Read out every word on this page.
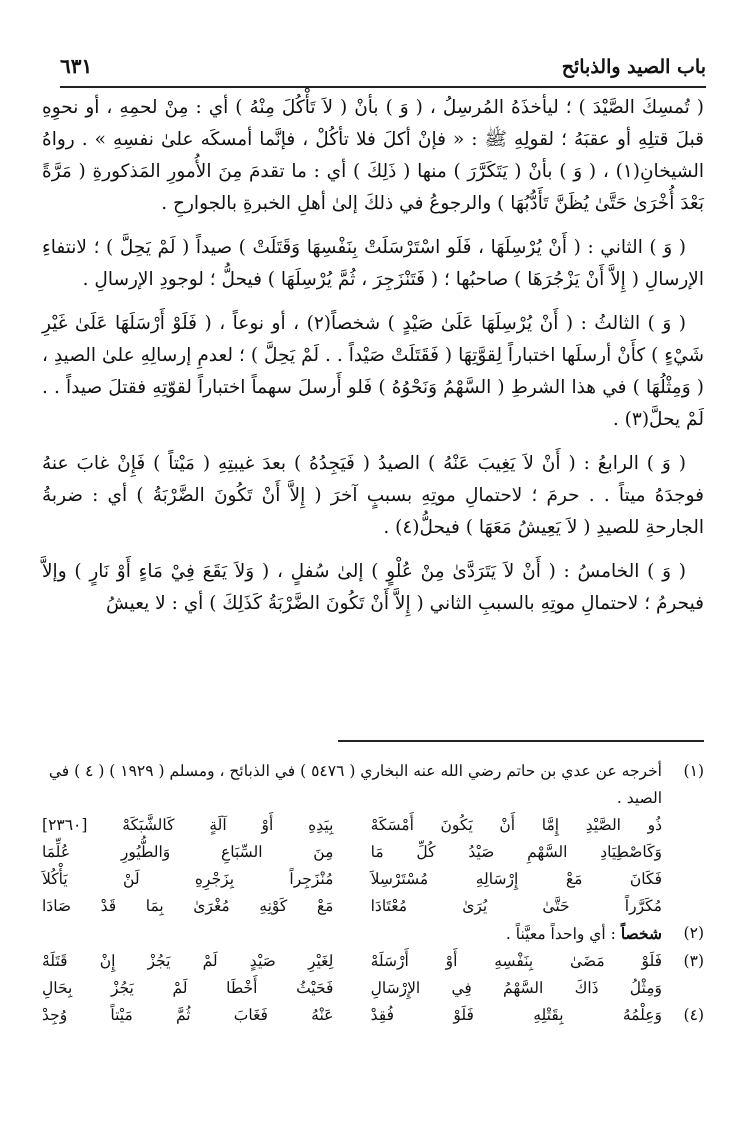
باب الصيد والذبائح
٦٣١

( تُمسِكَ الصَّيْدَ ) ؛ ليأخذَهُ المُرسِلُ ، ( وَ ) بأنْ ( لاَ تَأْكُلَ مِنْهُ ) أي : مِنْ لحمِهِ ، أو نحوِهِ قبلَ قتلِهِ أو عقبَهُ ؛ لقولِهِ ﷺ : « فإنْ أكلَ فلا تأكُلْ ، فإنَّما أمسكَه علىٰ نفسِهِ » . رواهُ الشيخانِ(١) ، ( وَ ) بأنْ ( يَتَكَرَّرَ ) منها ( ذَلِكَ ) أي : ما تقدمَ مِنَ الأُمورِ المَذكورةِ ( مَرَّةً بَعْدَ أُخْرَىٰ حَتَّىٰ يُظَنَّ تَأَدُّبُهَا ) والرجوعُ في ذلكَ إلىٰ أهلِ الخبرةِ بالجوارحِ .

( وَ ) الثاني : ( أَنْ يُرْسِلَهَا ، فَلَو اسْتَرْسَلَتْ بِنَفْسِهَا وَقَتَلَتْ ) صيداً ( لَمْ يَحِلَّ ) ؛ لانتفاءِ الإرسالِ ( إِلاَّ أَنْ يَزْجُرَهَا ) صاحبُها ؛ ( فَتَنْزَجِرَ ، ثُمَّ يُرْسِلَهَا ) فيحلُّ ؛ لوجودِ الإرسالِ .

( وَ ) الثالثُ : ( أَنْ يُرْسِلَهَا عَلَىٰ صَيْدٍ ) شخصاً(٢) ، أو نوعاً ، ( فَلَوْ أَرْسَلَهَا عَلَىٰ غَيْرِ شَيْءٍ ) كأَنْ أرسلَها اختباراً لِقوَّتِهَا ( فَقَتَلَتْ صَيْداً . . لَمْ يَحِلَّ ) ؛ لعدمِ إرسالِهِ علىٰ الصيدِ ، ( وَمِثْلُهَا ) في هذا الشرطِ ( السَّهْمُ وَنَحْوُهُ ) فَلو أَرسلَ سهماً اختباراً لقوّتِهِ فقتلَ صيداً . . لَمْ يحلَّ(٣) .

( وَ ) الرابعُ : ( أَنْ لاَ يَغِيبَ عَنْهُ ) الصيدُ ( فَيَجِدُهُ ) بعدَ غيبتِهِ ( مَيْتاً ) فَإِنْ غابَ عنهُ فوجدَهُ ميتاً . . حرمَ ؛ لاحتمالِ موتِهِ بسببٍ آخرَ ( إِلاَّ أَنْ تَكُونَ الضَّرْبَةُ ) أي : ضربةُ الجارحةِ للصيدِ ( لاَ يَعِيشُ مَعَهَا ) فيحلُّ(٤) .

( وَ ) الخامسُ : ( أَنْ لاَ يَتَرَدَّىٰ مِنْ عُلْوٍ ) إلىٰ سُفلٍ ، ( وَلاَ يَقَعَ فِيْ مَاءٍ أَوْ نَارٍ ) وإلاَّ فيحرمُ ؛ لاحتمالِ موتِهِ بالسببِ الثاني ( إِلاَّ أَنْ تَكُونَ الضَّرْبَةُ كَذَلِكَ ) أي : لا يعيشُ

(١)
أخرجه عن عدي بن حاتم رضي الله عنه البخاري ( ٥٤٧٦ ) في الذبائح ، ومسلم ( ١٩٢٩ ) ( ٤ ) في الصيد .
ذُو الصَّيْدِ إِمَّا أَنْ يَكُونَ أَمْسَكَهْ
بِيَدِهِ أَوْ آلَةٍ كَالشَّبَكَهْ [٢٣٦٠]
وَكَاصْطِيَادِ السَّهْمِ صَيْدُ كُلِّ مَا
مِنَ السِّبَاعِ وَالطُّيُورِ عُلِّمَا
فَكَانَ مَعْ إِرْسَالِهِ مُسْتَرْسِلاَ
مُنْزَجِراً بِزَجْرِهِ لَنْ يَأْكُلاَ
مُكَرَّراً حَتَّىٰ يُرَىٰ مُعْتَادَا
مَعْ كَوْنِهِ مُغْرَىٰ بِمَا قَدْ صَادَا
(٢)
شخصاً : أي واحداً معيَّناً .
(٣)
فَلَوْ مَضَىٰ بِنَفْسِهِ أَوْ أَرْسَلَهْ
لِغَيْرِ صَيْدٍ لَمْ يَجُزْ إِنْ قَتَلَهْ
وَمِثْلُ ذَاكَ السَّهْمُ فِي الإِرْسَالِ
فَحَيْثُ أَخْطَا لَمْ يَجُزْ بِحَالِ
(٤)
وَعِلْمُهُ بِقَتْلِهِ فَلَوْ فُقِدْ
عَنْهُ فَغَابَ ثُمَّ مَيْتاً وُجِدْ
